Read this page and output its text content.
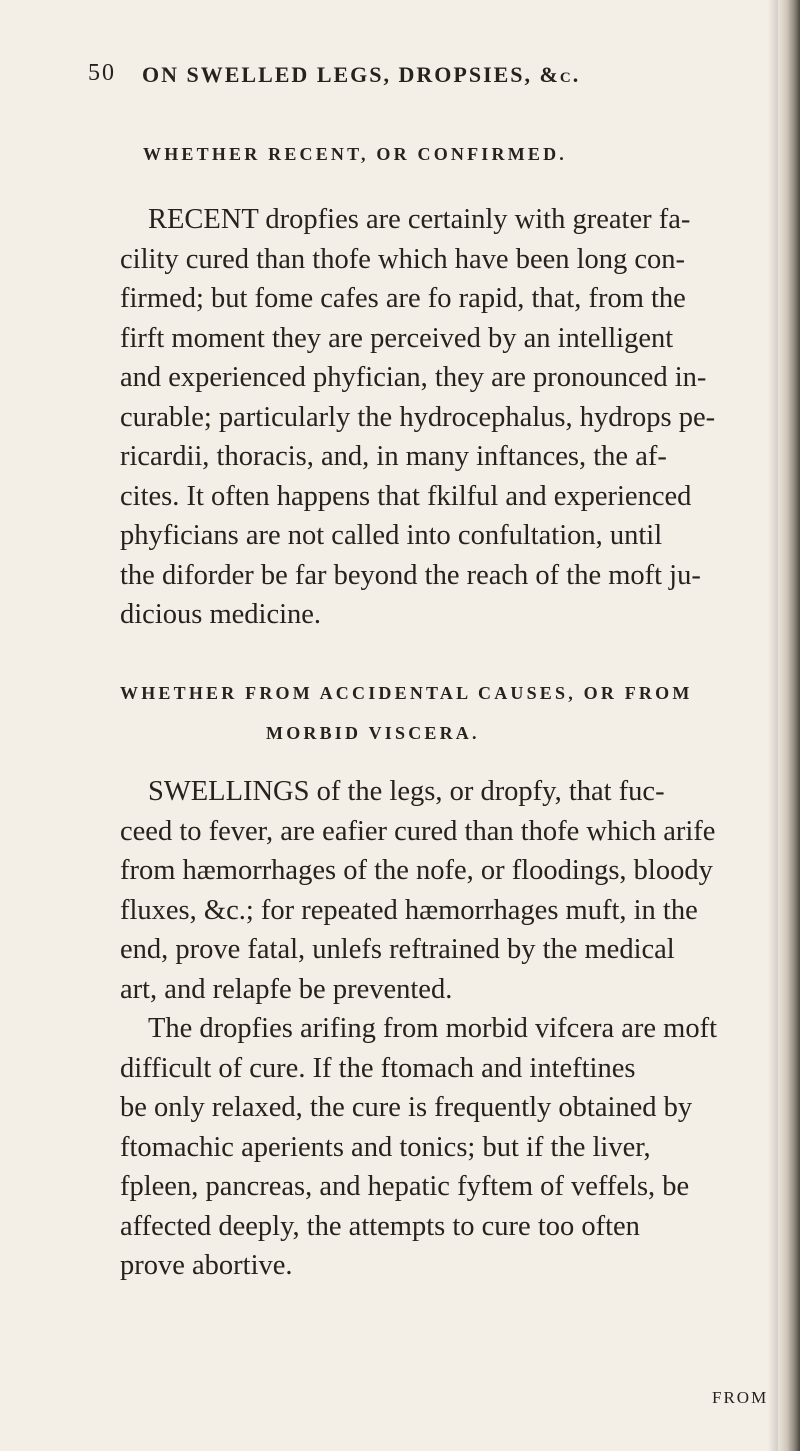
50 ON SWELLED LEGS, DROPSIES, &c.
WHETHER RECENT, OR CONFIRMED.
RECENT dropfies are certainly with greater fa-
cility cured than thofe which have been long con-
firmed; but fome cafes are fo rapid, that, from the
firft moment they are perceived by an intelligent
and experienced phyfician, they are pronounced in-
curable; particularly the hydrocephalus, hydrops pe-
ricardii, thoracis, and, in many inftances, the af-
cites. It often happens that fkilful and experienced
phyficians are not called into confultation, until
the diforder be far beyond the reach of the moft ju-
dicious medicine.
WHETHER FROM ACCIDENTAL CAUSES, OR FROM
MORBID VISCERA.
SWELLINGS of the legs, or dropfy, that fuc-
ceed to fever, are eafier cured than thofe which arife
from hæmorrhages of the nofe, or floodings, bloody
fluxes, &c.; for repeated hæmorrhages muft, in the
end, prove fatal, unlefs reftrained by the medical
art, and relapfe be prevented.
The dropfies arifing from morbid vifcera are moft
difficult of cure. If the ftomach and inteftines
be only relaxed, the cure is frequently obtained by
ftomachic aperients and tonics; but if the liver,
fpleen, pancreas, and hepatic fyftem of veffels, be
affected deeply, the attempts to cure too often
prove abortive.
FROM
